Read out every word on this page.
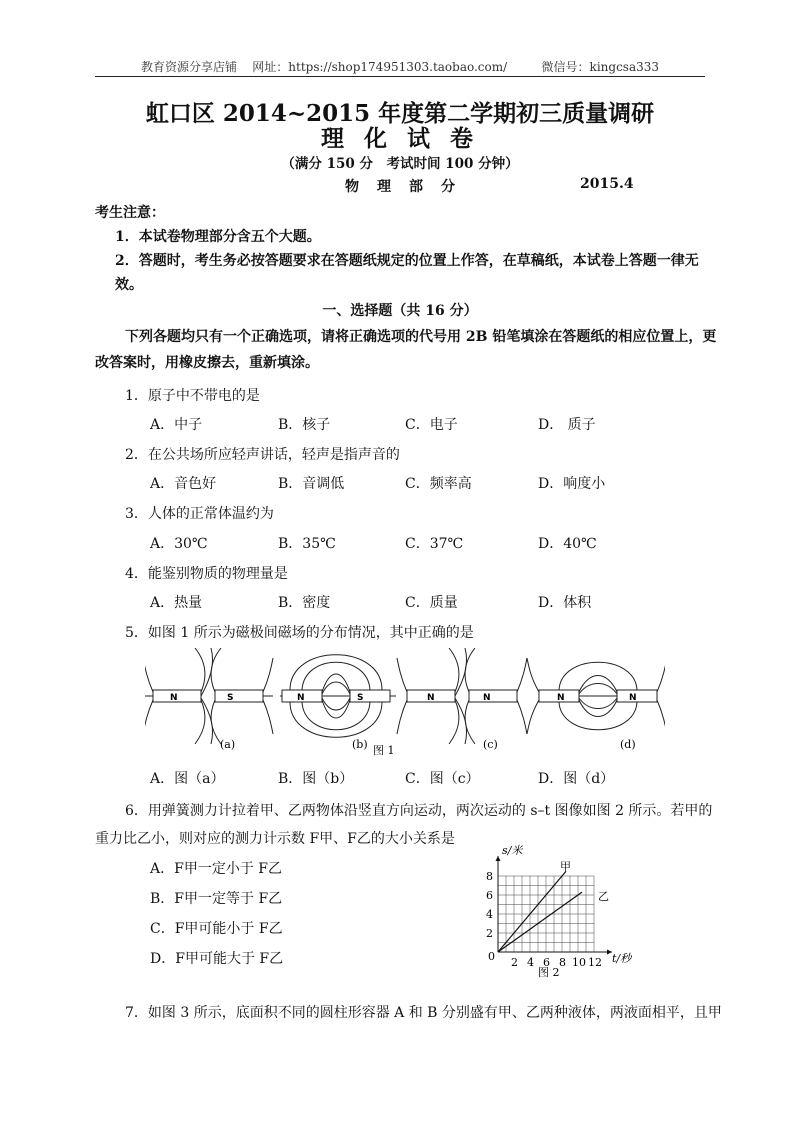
教育资源分享店铺 网址：https://shop174951303.taobao.com/	微信号：kingcsa333
虹口区 2014~2015 年度第二学期初三质量调研
理 化 试 卷
（满分 150 分　考试时间 100 分钟）
物　理　部　分	2015.4
考生注意：
1．本试卷物理部分含五个大题。
2．答题时，考生务必按答题要求在答题纸规定的位置上作答，在草稿纸，本试卷上答题一律无
效。
一、选择题（共 16 分）
下列各题均只有一个正确选项，请将正确选项的代号用 2B 铅笔填涂在答题纸的相应位置上，更
改答案时，用橡皮擦去，重新填涂。
1．原子中不带电的是
A．中子	B．核子	C．电子	D． 质子
2．在公共场所应轻声讲话，轻声是指声音的
A．音色好	B．音调低	C．频率高	D．响度小
3．人体的正常体温约为
A．30℃	B．35℃	C．37℃	D．40℃
4．能鉴别物质的物理量是
A．热量	B．密度	C．质量	D．体积
5．如图 1 所示为磁极间磁场的分布情况，其中正确的是
N	S	N	S	N	N	N	N
(a)	(b) 图 1	(c)	(d)
A．图（a）	B．图（b）	C．图（c）	D．图（d）
6．用弹簧测力计拉着甲、乙两物体沿竖直方向运动，两次运动的 s–t 图像如图 2 所示。若甲的
重力比乙小，则对应的测力计示数 F甲、F乙的大小关系是
A．F甲一定小于 F乙
B．F甲一定等于 F乙
C．F甲可能小于 F乙
D．F甲可能大于 F乙
2
4
6
8
2 4 6 8 10 12
s/米
t/秒
0
甲
乙
图 2
7．如图 3 所示，底面积不同的圆柱形容器 A 和 B 分别盛有甲、乙两种液体，两液面相平，且甲
